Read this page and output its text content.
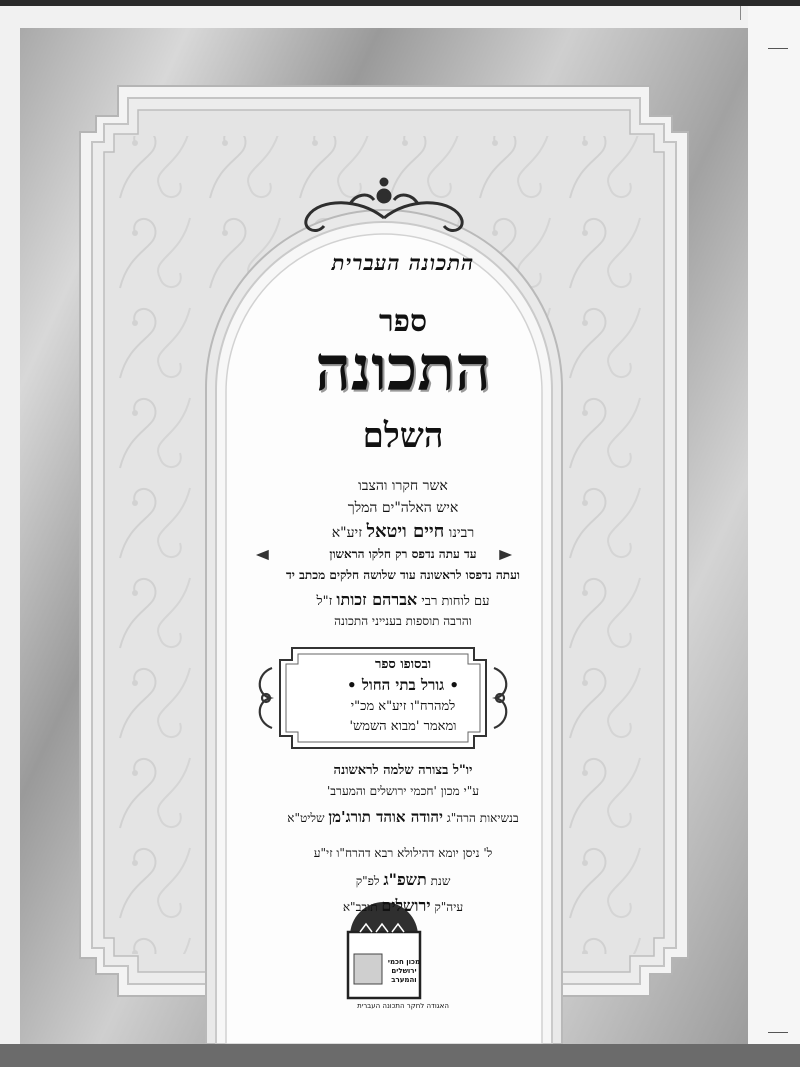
התכונה העברית
ספר
התכונה
השלם
אשר חקרו והצבו
איש האלה"ים המלך
רבינו חיים ויטאל זיע"א
עד עתה נדפס רק חלקו הראשון
ועתה נדפסו לראשונה עוד שלושה חלקים מכתב יד
עם לוחות רבי אברהם זכותו ז"ל
והרבה תוספות בענייני התכונה
ובסופו ספר
• גורל בתי החול •
למהרח"ו זיע"א מכ"י
ומאמר 'מבוא השמש'
יו"ל בצורה שלמה לראשונה
ע"י מכון 'חכמי ירושלים והמערב'
בנשיאות הרה"ג יהודה אוהד תורג'מן שליט"א
ל' ניסן יומא דהילולא רבא דהרח"ו זי"ע
שנת תשפ"ג לפ"ק
עיה"ק ירושלים תובב"א
מכון חכמי ירושלים והמערב
האגודה לחקר התכונה העברית
